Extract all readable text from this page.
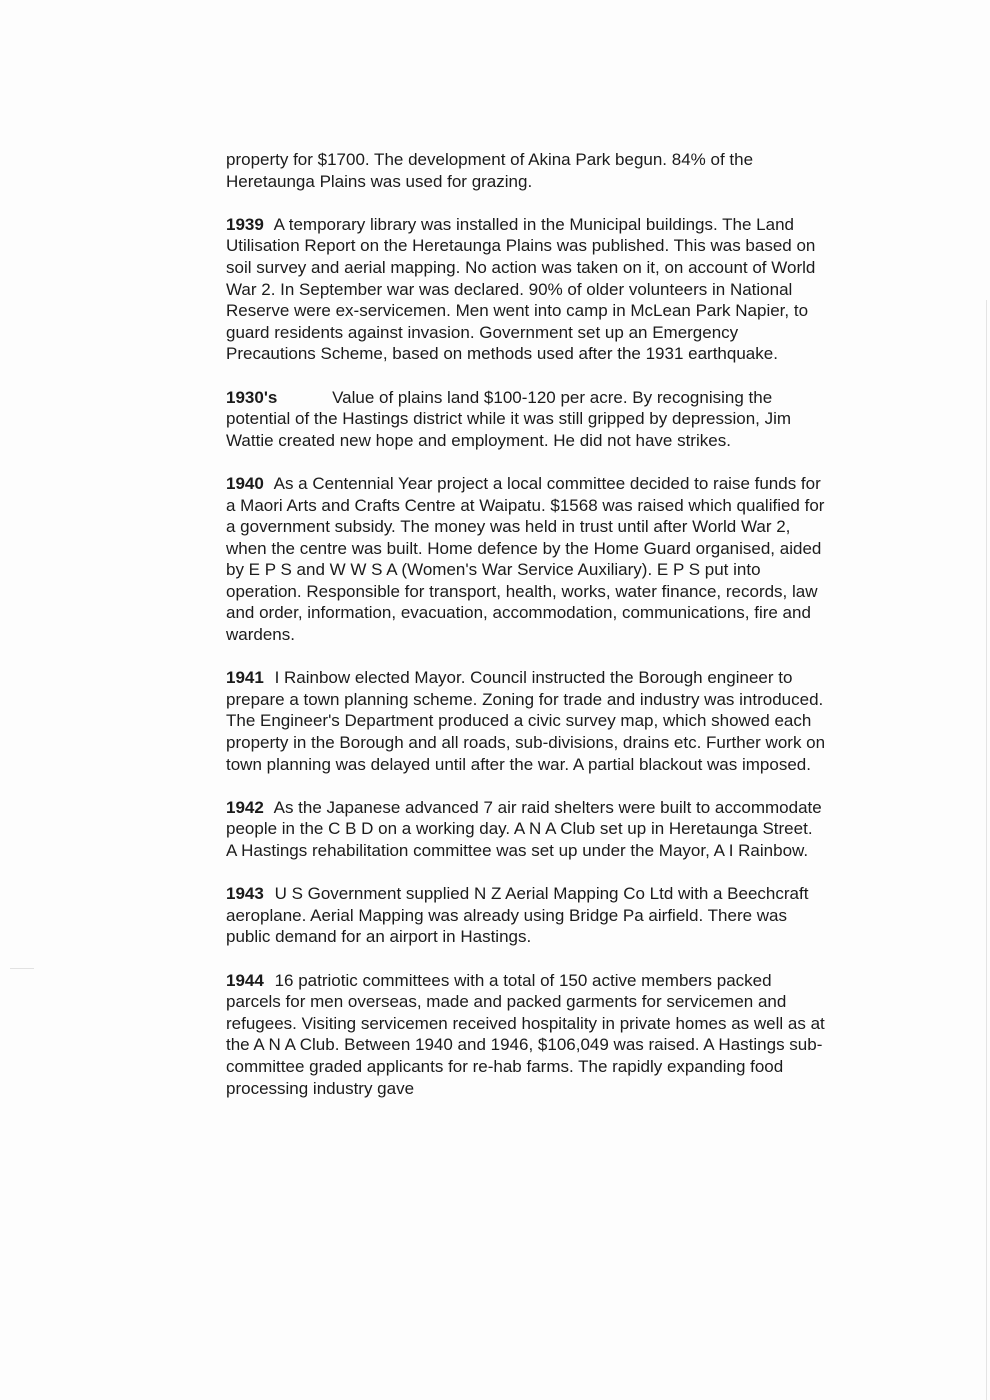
property for $1700. The development of Akina Park begun. 84% of the Heretaunga Plains was used for grazing.

1939 A temporary library was installed in the Municipal buildings. The Land Utilisation Report on the Heretaunga Plains was published. This was based on soil survey and aerial mapping. No action was taken on it, on account of World War 2. In September war was declared. 90% of older volunteers in National Reserve were ex-servicemen. Men went into camp in McLean Park Napier, to guard residents against invasion. Government set up an Emergency Precautions Scheme, based on methods used after the 1931 earthquake.

1930's	Value of plains land $100-120 per acre. By recognising the potential of the Hastings district while it was still gripped by depression, Jim Wattie created new hope and employment. He did not have strikes.

1940 As a Centennial Year project a local committee decided to raise funds for a Maori Arts and Crafts Centre at Waipatu. $1568 was raised which qualified for a government subsidy. The money was held in trust until after World War 2, when the centre was built. Home defence by the Home Guard organised, aided by E P S and W W S A (Women's War Service Auxiliary). E P S put into operation. Responsible for transport, health, works, water finance, records, law and order, information, evacuation, accommodation, communications, fire and wardens.

1941 I Rainbow elected Mayor. Council instructed the Borough engineer to prepare a town planning scheme. Zoning for trade and industry was introduced. The Engineer's Department produced a civic survey map, which showed each property in the Borough and all roads, sub-divisions, drains etc. Further work on town planning was delayed until after the war. A partial blackout was imposed.

1942 As the Japanese advanced 7 air raid shelters were built to accommodate people in the C B D on a working day. A N A Club set up in Heretaunga Street. A Hastings rehabilitation committee was set up under the Mayor, A I Rainbow.

1943 U S Government supplied N Z Aerial Mapping Co Ltd with a Beechcraft aeroplane. Aerial Mapping was already using Bridge Pa airfield. There was public demand for an airport in Hastings.

1944 16 patriotic committees with a total of 150 active members packed parcels for men overseas, made and packed garments for servicemen and refugees. Visiting servicemen received hospitality in private homes as well as at the A N A Club. Between 1940 and 1946, $106,049 was raised. A Hastings sub-committee graded applicants for re-hab farms. The rapidly expanding food processing industry gave
